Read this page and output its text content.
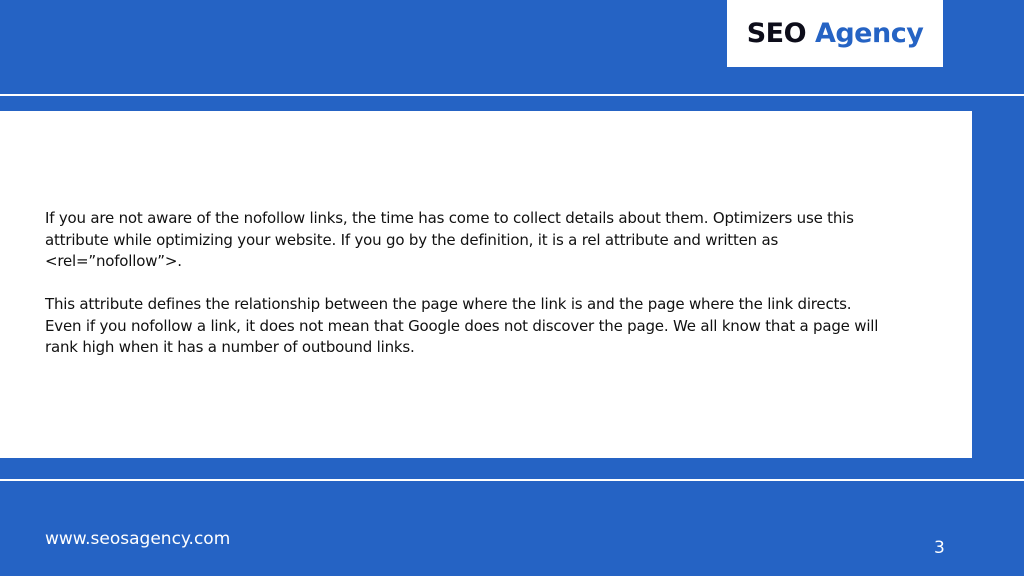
SEO Agency

If you are not aware of the nofollow links, the time has come to collect details about them. Optimizers use this
attribute while optimizing your website. If you go by the definition, it is a rel attribute and written as
<rel=”nofollow”>.

This attribute defines the relationship between the page where the link is and the page where the link directs.
Even if you nofollow a link, it does not mean that Google does not discover the page. We all know that a page will
rank high when it has a number of outbound links.

www.seosagency.com	3
